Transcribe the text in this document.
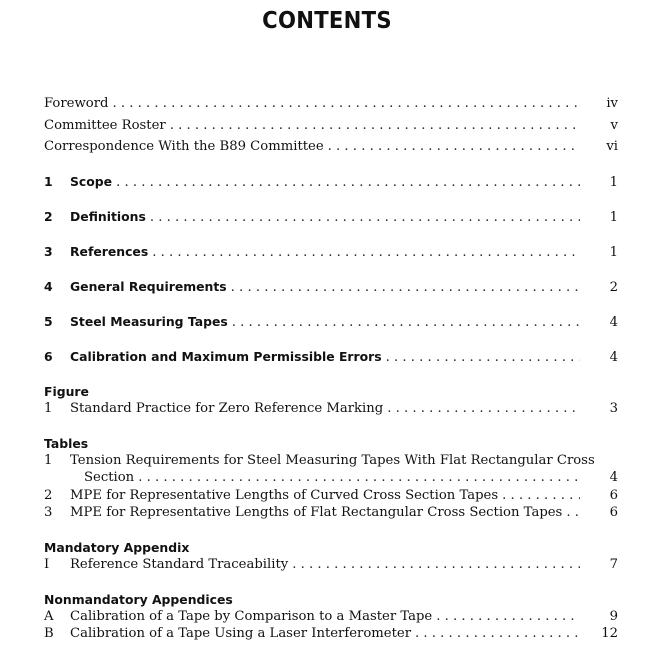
CONTENTS
Foreword . . .	iv
Committee Roster . . .	v
Correspondence With the B89 Committee . . .	vi
1	Scope . . .	1
2	Definitions . . .	1
3	References . . .	1
4	General Requirements . . .	2
5	Steel Measuring Tapes . . .	4
6	Calibration and Maximum Permissible Errors . . .	4
Figure
1	Standard Practice for Zero Reference Marking . . .	3
Tables
1	Tension Requirements for Steel Measuring Tapes With Flat Rectangular Cross
Section . . .	4
2	MPE for Representative Lengths of Curved Cross Section Tapes . . .	6
3	MPE for Representative Lengths of Flat Rectangular Cross Section Tapes . . .	6
Mandatory Appendix
I	Reference Standard Traceability . . .	7
Nonmandatory Appendices
A	Calibration of a Tape by Comparison to a Master Tape . . .	9
B	Calibration of a Tape Using a Laser Interferometer . . .	12
